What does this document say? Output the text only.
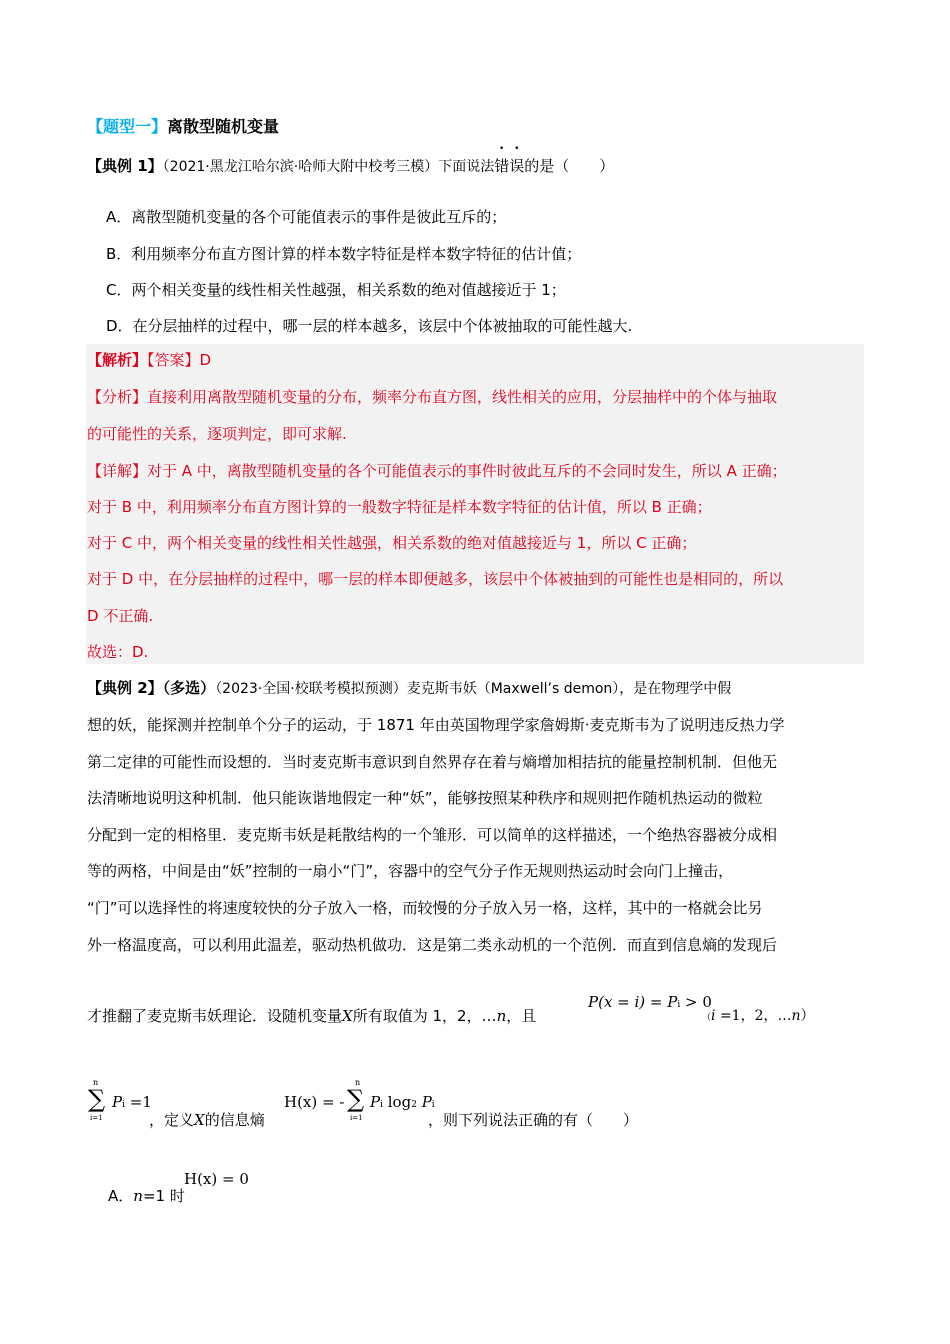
【题型一】离散型随机变量
【典例 1】（2021·黑龙江哈尔滨·哈师大附中校考三模）下面说法错误的是（　　）
A．离散型随机变量的各个可能值表示的事件是彼此互斥的；
B．利用频率分布直方图计算的样本数字特征是样本数字特征的估计值；
C．两个相关变量的线性相关性越强，相关系数的绝对值越接近于 1；
D．在分层抽样的过程中，哪一层的样本越多，该层中个体被抽取的可能性越大.
【解析】【答案】D
【分析】直接利用离散型随机变量的分布，频率分布直方图，线性相关的应用，分层抽样中的个体与抽取
的可能性的关系，逐项判定，即可求解.
【详解】对于 A 中，离散型随机变量的各个可能值表示的事件时彼此互斥的不会同时发生，所以 A 正确；
对于 B 中，利用频率分布直方图计算的一般数字特征是样本数字特征的估计值，所以 B 正确；
对于 C 中，两个相关变量的线性相关性越强，相关系数的绝对值越接近与 1，所以 C 正确；
对于 D 中，在分层抽样的过程中，哪一层的样本即便越多，该层中个体被抽到的可能性也是相同的，所以
D 不正确.
故选：D.
【典例 2】（多选）（2023·全国·校联考模拟预测）麦克斯韦妖（Maxwell’s demon），是在物理学中假
想的妖，能探测并控制单个分子的运动，于 1871 年由英国物理学家詹姆斯·麦克斯韦为了说明违反热力学
第二定律的可能性而设想的．当时麦克斯韦意识到自然界存在着与熵增加相拮抗的能量控制机制．但他无
法清晰地说明这种机制．他只能诙谐地假定一种“妖”，能够按照某种秩序和规则把作随机热运动的微粒
分配到一定的相格里．麦克斯韦妖是耗散结构的一个雏形．可以简单的这样描述，一个绝热容器被分成相
等的两格，中间是由“妖”控制的一扇小“门”，容器中的空气分子作无规则热运动时会向门上撞击，
“门”可以选择性的将速度较快的分子放入一格，而较慢的分子放入另一格，这样，其中的一格就会比另
外一格温度高，可以利用此温差，驱动热机做功．这是第二类永动机的一个范例．而直到信息熵的发现后
才推翻了麦克斯韦妖理论．设随机变量X所有取值为 1，2，…n，且
P(x = i) = Pi > 0
（i =1，2，…n）
n
∑
i=1
Pi =1
，定义X的信息熵
H(x) = -
n
∑
i=1
Pi log2 Pi
，则下列说法正确的有（　　）
A．n=1 时
H(x) = 0
